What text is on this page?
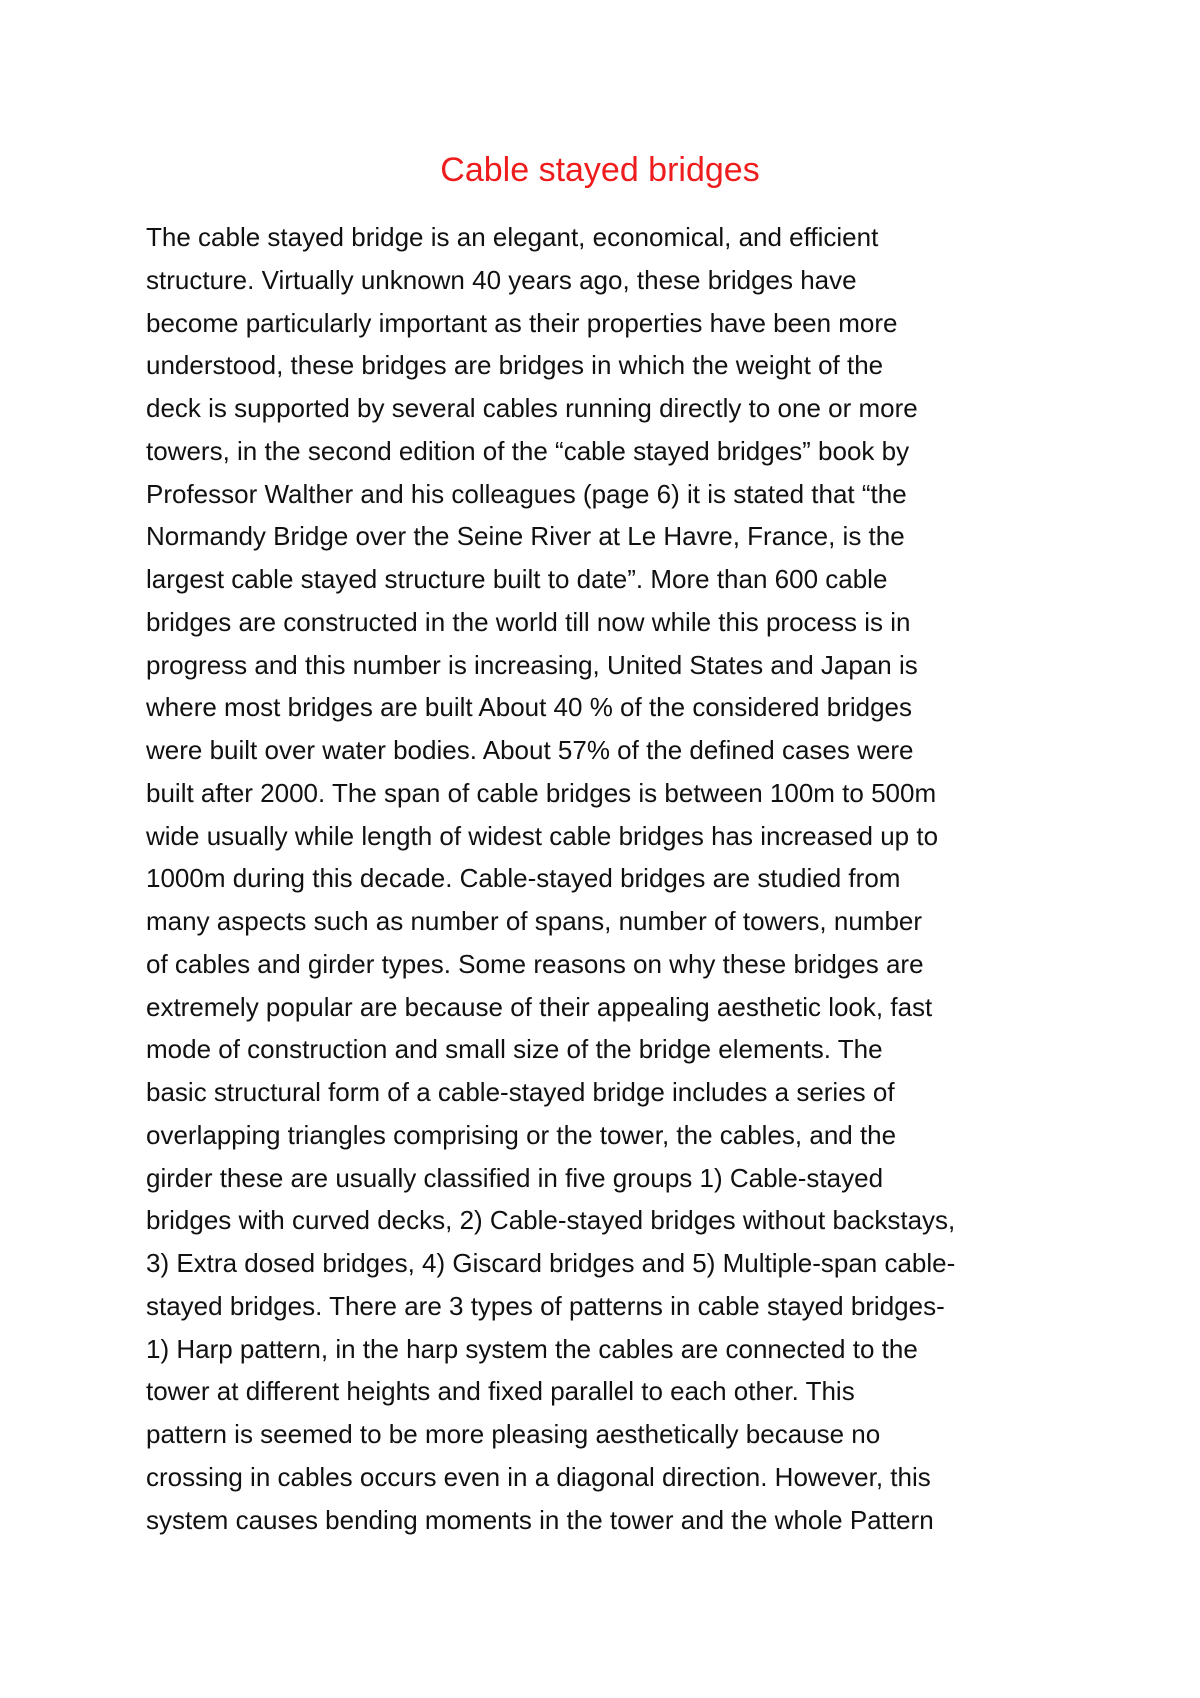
Cable stayed bridges
The cable stayed bridge is an elegant, economical, and efficient
structure. Virtually unknown 40 years ago, these bridges have
become particularly important as their properties have been more
understood, these bridges are bridges in which the weight of the
deck is supported by several cables running directly to one or more
towers, in the second edition of the “cable stayed bridges” book by
Professor Walther and his colleagues (page 6) it is stated that “the
Normandy Bridge over the Seine River at Le Havre, France, is the
largest cable stayed structure built to date”. More than 600 cable
bridges are constructed in the world till now while this process is in
progress and this number is increasing, United States and Japan is
where most bridges are built About 40 % of the considered bridges
were built over water bodies. About 57% of the defined cases were
built after 2000. The span of cable bridges is between 100m to 500m
wide usually while length of widest cable bridges has increased up to
1000m during this decade. Cable-stayed bridges are studied from
many aspects such as number of spans, number of towers, number
of cables and girder types. Some reasons on why these bridges are
extremely popular are because of their appealing aesthetic look, fast
mode of construction and small size of the bridge elements. The
basic structural form of a cable-stayed bridge includes a series of
overlapping triangles comprising or the tower, the cables, and the
girder these are usually classified in five groups 1) Cable-stayed
bridges with curved decks, 2) Cable-stayed bridges without backstays,
3) Extra dosed bridges, 4) Giscard bridges and 5) Multiple-span cable-
stayed bridges. There are 3 types of patterns in cable stayed bridges-
1) Harp pattern, in the harp system the cables are connected to the
tower at different heights and fixed parallel to each other. This
pattern is seemed to be more pleasing aesthetically because no
crossing in cables occurs even in a diagonal direction. However, this
system causes bending moments in the tower and the whole Pattern
